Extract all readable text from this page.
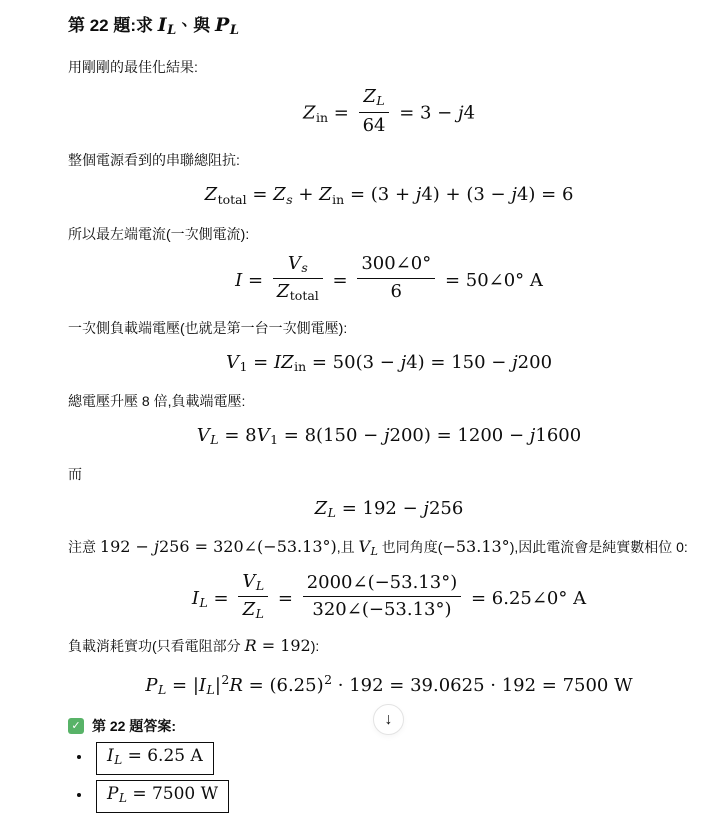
第 22 題:求 IL、與 PL

用剛剛的最佳化結果:

Zin = $\frac{ZL}{64} = 3 - j4$

整個電源看到的串聯總阻抗:

Ztotal = Zs + Zin = (3 + j4) + (3 − j4) = 6

所以最左端電流(一次側電流):

$I = \frac{Vs}{\text{Ztotal}} = \frac{300\angle 0^\circ}{6}$ = 50∠0° A

一次側負載端電壓(也就是第一台一次側電壓):

V1 = IZin = 50(3 − j4) = 150 − j200

總電壓升壓 8 倍,負載端電壓:

VL = 8V1 = 8(150 − j200) = 1200 − j1600

而

ZL = 192 − j256

注意 192 − j256 = 320∠(−53.13°),且 VL 也同角度(−53.13°),因此電流會是純實數相位 0:

IL = $\frac{VL}{ZL} = \frac{2000\angle(-53.13^\circ)}{320\angle(-53.13^\circ)}$ = 6.25∠0° A

負載消耗實功(只看電阻部分 R = 192):

PL = $|IL|^2R = (6.25)^2 \cdot 192 = 39.0625 \cdot 192 = 7500$ W
✓ 第 22 題答案:
• IL = 6.25 A
• PL = 7500 W
↓
